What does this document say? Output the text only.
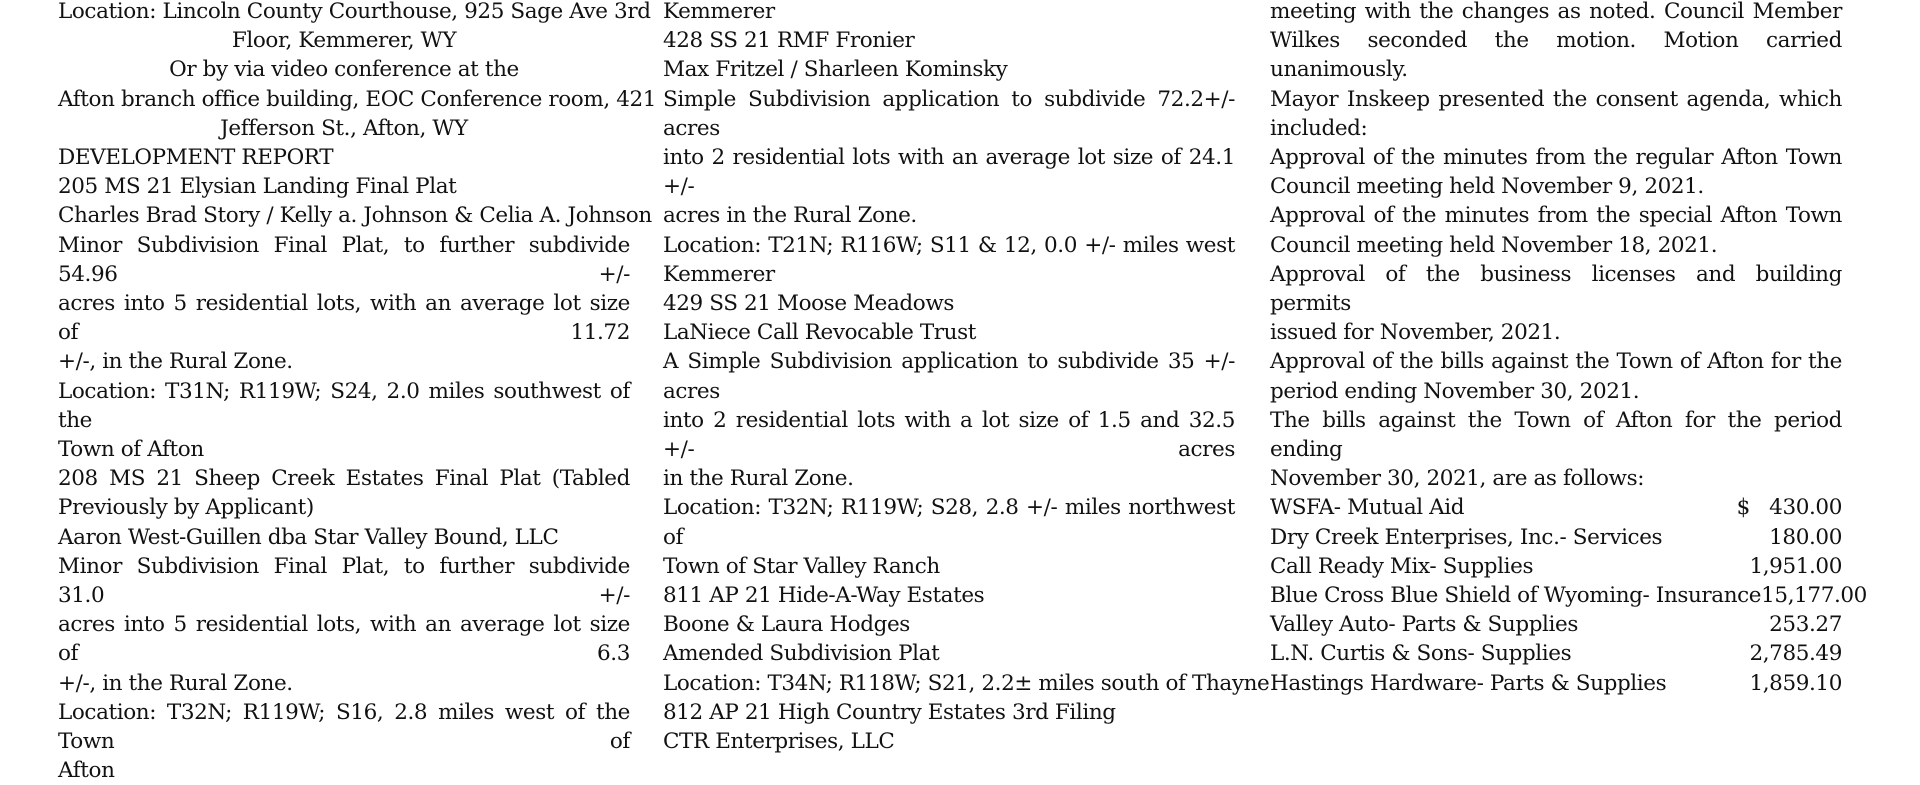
Location: Lincoln County Courthouse, 925 Sage Ave 3rd
Floor, Kemmerer, WY
Or by via video conference at the
Afton branch office building, EOC Conference room, 421
Jefferson St., Afton, WY
DEVELOPMENT REPORT
205 MS 21 Elysian Landing Final Plat
Charles Brad Story / Kelly a. Johnson & Celia A. Johnson
Minor Subdivision Final Plat, to further subdivide 54.96 +/-
acres into 5 residential lots, with an average lot size of 11.72
+/-, in the Rural Zone.
Location: T31N; R119W; S24, 2.0 miles southwest of the
Town of Afton
208 MS 21 Sheep Creek Estates Final Plat (Tabled
Previously by Applicant)
Aaron West-Guillen dba Star Valley Bound, LLC
Minor Subdivision Final Plat, to further subdivide 31.0 +/-
acres into 5 residential lots, with an average lot size of 6.3
+/-, in the Rural Zone.
Location: T32N; R119W; S16, 2.8 miles west of the Town of
Afton
Kemmerer
428 SS 21 RMF Fronier
Max Fritzel / Sharleen Kominsky
Simple Subdivision application to subdivide 72.2+/- acres
into 2 residential lots with an average lot size of 24.1 +/-
acres in the Rural Zone.
Location: T21N; R116W; S11 & 12, 0.0 +/- miles west
Kemmerer
429 SS 21 Moose Meadows
LaNiece Call Revocable Trust
A Simple Subdivision application to subdivide 35 +/- acres
into 2 residential lots with a lot size of 1.5 and 32.5 +/- acres
in the Rural Zone.
Location: T32N; R119W; S28, 2.8 +/- miles northwest of
Town of Star Valley Ranch
811 AP 21 Hide-A-Way Estates
Boone & Laura Hodges
Amended Subdivision Plat
Location: T34N; R118W; S21, 2.2± miles south of Thayne
812 AP 21 High Country Estates 3rd Filing
CTR Enterprises, LLC
meeting with the changes as noted. Council Member
Wilkes seconded the motion. Motion carried unanimously.
Mayor Inskeep presented the consent agenda, which
included:
Approval of the minutes from the regular Afton Town
Council meeting held November 9, 2021.
Approval of the minutes from the special Afton Town
Council meeting held November 18, 2021.
Approval of the business licenses and building permits
issued for November, 2021.
Approval of the bills against the Town of Afton for the
period ending November 30, 2021.
The bills against the Town of Afton for the period ending
November 30, 2021, are as follows:
WSFA- Mutual Aid	$   430.00
Dry Creek Enterprises, Inc.- Services	180.00
Call Ready Mix- Supplies	1,951.00
Blue Cross Blue Shield of Wyoming- Insurance 15,177.00
Valley Auto- Parts & Supplies	253.27
L.N. Curtis & Sons- Supplies	2,785.49
Hastings Hardware- Parts & Supplies	1,859.10
